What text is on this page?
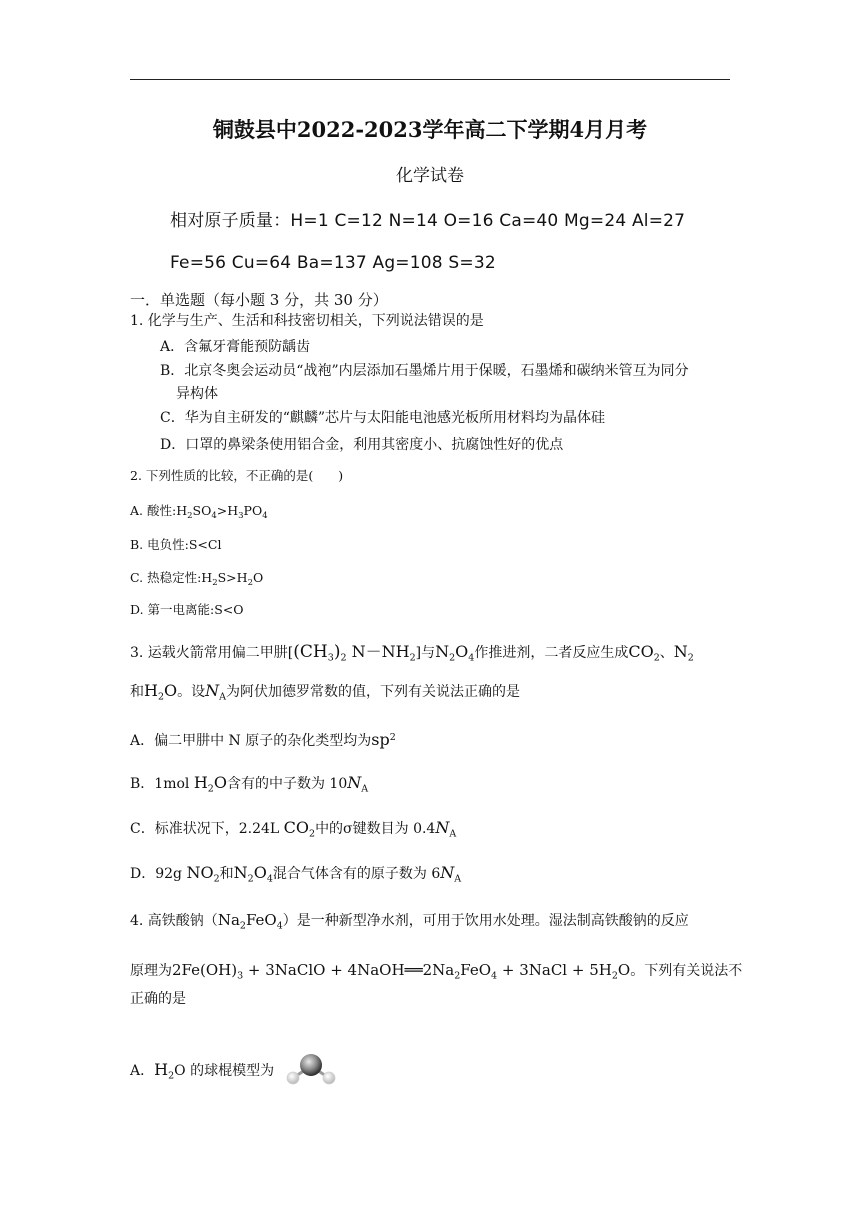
铜鼓县中2022-2023学年高二下学期4月月考
化学试卷
相对原子质量：H=1 C=12 N=14 O=16 Ca=40 Mg=24 Al=27
Fe=56 Cu=64 Ba=137 Ag=108 S=32
一．单选题（每小题 3 分，共 30 分）
1. 化学与生产、生活和科技密切相关，下列说法错误的是
A．含氟牙膏能预防龋齿
B．北京冬奥会运动员“战袍”内层添加石墨烯片用于保暖，石墨烯和碳纳米管互为同分
异构体
C．华为自主研发的“麒麟”芯片与太阳能电池感光板所用材料均为晶体硅
D．口罩的鼻梁条使用铝合金，利用其密度小、抗腐蚀性好的优点
2. 下列性质的比较，不正确的是(　　)
A. 酸性$:H_2SO_4>H_3PO_4$
B. 电负性:S<Cl
C. 热稳定性$:H_2S>H_2O$
D. 第一电离能:S<O
3. 运载火箭常用偏二甲肼[$(CH_3)_2$ $N-NH_2$]与$N_2O_4$作推进剂，二者反应生成$CO_2$、$N_2$
和$H_2O$。设$N_A$为阿伏加德罗常数的值，下列有关说法正确的是
A．偏二甲肼中 N 原子的杂化类型均为$sp^2$
B．1mol $H_2O$含有的中子数为 $10N_A$
C．标准状况下，2.24L $CO_2$中的σ键数目为 $0.4N_A$
D．92g $NO_2$和$N_2O_4$混合气体含有的原子数为 $6N_A$
4. 高铁酸钠$(Na_2FeO_4)$是一种新型净水剂，可用于饮用水处理。湿法制高铁酸钠的反应
原理为$2Fe(OH)_3$ + 3NaClO + $4NaOH══2Na_2FeO_4$ + 3NaCl + $5H_2O$。下列有关说法不
正确的是
A．$H_2O$ 的球棍模型为
